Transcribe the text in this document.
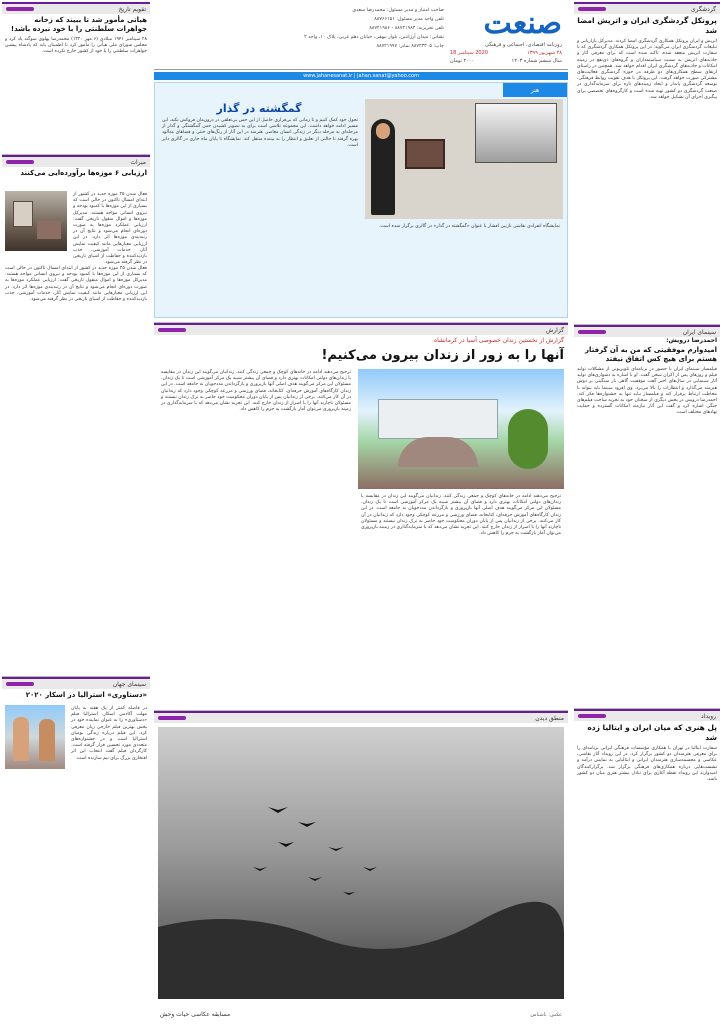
صنعت
روزنامه اقتصادی، اجتماعی و فرهنگی
۲۸ شهریور ۱۳۹۹
2020 سپتامبر 18
سال ششم شماره ۱۲۰۳
۲۰۰۰ تومان
صاحب امتیاز و مدیر مسئول: محمدرضا سعدی
تلفن واحد مدیر مسئول: ۸۸۷۶۶۱۵۱
تلفن تحریریه: ۸۸۷۲۱۹۸۴ - ۸۸۷۲۱۹۸۶
نشانی: میدان آرژانتین، بلوار بیهقی، خیابان دهم غربی، پلاک ۱۰، واحد ۲
چاپ: ۸۸۷۲۳۳۰۵ نمابر: ۸۸۷۲۱۹۹۷
www.jahanesanat.ir | jahan.sanat@yahoo.com
گردشگری
پروتکل گردشگری ایران و اتریش امضا شد
اتریش و ایران پروتکل همکاری گردشگری امضا کردند. مدیرکل بازاریابی و تبلیغات گردشگری ایران می‌گوید: در این پروتکل همکاری گردشگری که با سفارت اتریش منعقد شده، تاکید شده است که برای معرفی آثار و جاذبه‌های اتریش به نسبت سیاستمداران و گروه‌های ذی‌نفع در زمینه امکانات و جاذبه‌های گردشگری ایران اقدام خواهد شد. همچنین در راستای ارتقای سطح همکاری‌های دو طرفه در حوزه گردشگری فعالیت‌های مشترکی صورت خواهد گرفت. این پروتکل با هدف تقویت روابط فرهنگی، توسعه گردشگری پایدار و ایجاد زمینه‌های تازه برای سرمایه‌گذاری در صنعت گردشگری دو کشور تهیه شده است و کارگروه‌های تخصصی برای پیگیری اجرای آن تشکیل خواهد شد.
سینمای ایران
احمدرضا درویش:
امیدوارم موفقیتی که من به آن گرفتار هستم برای هیچ کس اتفاق نیفتد
فیلمساز سینمای ایران با حضور در برنامه‌ای تلویزیونی از مشکلات تولید فیلم و روزهای پس از اکران سخن گفت. او با اشاره به دشواری‌های تولید آثار سینمایی در سال‌های اخیر گفت موفقیت گاهی بار سنگینی بر دوش هنرمند می‌گذارد و انتظارات را بالا می‌برد. وی افزود سینما باید بتواند با مخاطب ارتباط برقرار کند و فیلمساز نباید تنها به جشنواره‌ها فکر کند. احمدرضا درویش در بخش دیگری از سخنان خود به تجربه ساخت فیلم‌های جنگی اشاره کرد و گفت این آثار نیازمند امکانات گسترده و حمایت نهادهای مختلف است.
رویداد
پل هنری که میان ایران و ایتالیا زده شد
سفارت ایتالیا در تهران با همکاری مؤسسات فرهنگی ایرانی برنامه‌ای را برای معرفی هنرمندان دو کشور برگزار کرد. در این رویداد آثار نقاشی، عکاسی و مجسمه‌سازی هنرمندان ایرانی و ایتالیایی به نمایش درآمد و نشست‌هایی درباره همکاری‌های فرهنگی برگزار شد. برگزارکنندگان امیدوارند این رویداد نقطه آغازی برای تبادل بیشتر هنری میان دو کشور باشد.
تقویم تاریخ
هیاتی مأمور شد تا ببیند که زخانه جواهرات سلطنتی را با خود نبرده باشد!
۲۸ سپتامبر ۱۹۴۱ میلادی (۶ مهر ۱۳۲۰) محمدرضا پهلوی سوگند یاد کرد و مجلس شورای ملی هیأتی را مأمور کرد تا اطمینان یابد که پادشاه پیشین جواهرات سلطنتی را با خود از کشور خارج نکرده است.
میراث
ارزیابی ۶ موزه‌ها برآورده‌ایی می‌کنند
فعال شدن ۲۵ موزه جدید در کشور از ابتدای امسال تاکنون در حالی است که بسیاری از این موزه‌ها با کمبود بودجه و نیروی انسانی مواجه هستند. مدیرکل موزه‌ها و اموال منقول تاریخی گفت: ارزیابی عملکرد موزه‌ها به صورت دوره‌ای انجام می‌شود و نتایج آن در رتبه‌بندی موزه‌ها اثر دارد. در این ارزیابی معیارهایی مانند کیفیت نمایش آثار، خدمات آموزشی، جذب بازدیدکننده و حفاظت از اشیای تاریخی در نظر گرفته می‌شود.
فعال شدن ۲۵ موزه جدید در کشور از ابتدای امسال تاکنون در حالی است که بسیاری از این موزه‌ها با کمبود بودجه و نیروی انسانی مواجه هستند. مدیرکل موزه‌ها و اموال منقول تاریخی گفت: ارزیابی عملکرد موزه‌ها به صورت دوره‌ای انجام می‌شود و نتایج آن در رتبه‌بندی موزه‌ها اثر دارد. در این ارزیابی معیارهایی مانند کیفیت نمایش آثار، خدمات آموزشی، جذب بازدیدکننده و حفاظت از اشیای تاریخی در نظر گرفته می‌شود.
سینمای جهان
«دستاوری» استرالیا در اسکار ۲۰۲۰
در فاصله کمتر از یک هفته به پایان مهلت آکادمی اسکار، استرالیا فیلم «دستاوری» را به عنوان نماینده خود در بخش بهترین فیلم خارجی زبان معرفی کرد. این فیلم درباره زندگی بومیان استرالیا است و در جشنواره‌های متعددی مورد تحسین قرار گرفته است. کارگردان فیلم گفت انتخاب این اثر افتخاری بزرگ برای تیم سازنده است.
هنر
گمگشته در گذار
تحول خود کمک کنیم و تا زمانی که بی‌قراری حاصل از این حس بی‌تعلقی در درون‌مان فروکش نکند، این مسیر ادامه خواهد داشت. این مجموعه تلاشی است برای به تصویر کشیدن حس گمگشتگی و گذار از مرحله‌ای به مرحله دیگر در زندگی انسان معاصر. هنرمند در این آثار از رنگ‌های خنثی و فضاهای مه‌آلود بهره گرفته تا حالتی از تعلیق و انتظار را به بیننده منتقل کند. نمایشگاه تا پایان ماه جاری در گالری دایر است.
نمایشگاه انفرادی نقاشی نازنین افشار با عنوان «گمگشته در گذار» در گالری برگزار شده است.
گزارش
گزارش از نخستین زندان خصوصی آسیا در کرمانشاه
آنها را به زور از زندان بیرون می‌کنیم!
ترجیح می‌دهند ادامه در خانه‌های کوچک و جمعی زندگی کنند. زندانیان می‌گویند این زندان در مقایسه با زندان‌های دولتی امکانات بهتری دارد و فضای آن بیشتر شبیه یک مرکز آموزشی است تا یک زندان. مسئولان این مرکز می‌گویند هدف اصلی آنها بازپروری و بازگرداندن مددجویان به جامعه است. در این زندان کارگاه‌های آموزش حرفه‌ای، کتابخانه، فضای ورزشی و مزرعه کوچکی وجود دارد که زندانیان در آن کار می‌کنند. برخی از زندانیان پس از پایان دوران محکومیت خود حاضر به ترک زندان نیستند و مسئولان ناچارند آنها را با اصرار از زندان خارج کنند. این تجربه نشان می‌دهد که با سرمایه‌گذاری در زمینه بازپروری می‌توان آمار بازگشت به جرم را کاهش داد.
ترجیح می‌دهند ادامه در خانه‌های کوچک و جمعی زندگی کنند. زندانیان می‌گویند این زندان در مقایسه با زندان‌های دولتی امکانات بهتری دارد و فضای آن بیشتر شبیه یک مرکز آموزشی است تا یک زندان. مسئولان این مرکز می‌گویند هدف اصلی آنها بازپروری و بازگرداندن مددجویان به جامعه است. در این زندان کارگاه‌های آموزش حرفه‌ای، کتابخانه، فضای ورزشی و مزرعه کوچکی وجود دارد که زندانیان در آن کار می‌کنند. برخی از زندانیان پس از پایان دوران محکومیت خود حاضر به ترک زندان نیستند و مسئولان ناچارند آنها را با اصرار از زندان خارج کنند. این تجربه نشان می‌دهد که با سرمایه‌گذاری در زمینه بازپروری می‌توان آمار بازگشت به جرم را کاهش داد.
منطق دیدن
مسابقه عکاسی حیات وحش	عکس: ناشناس
